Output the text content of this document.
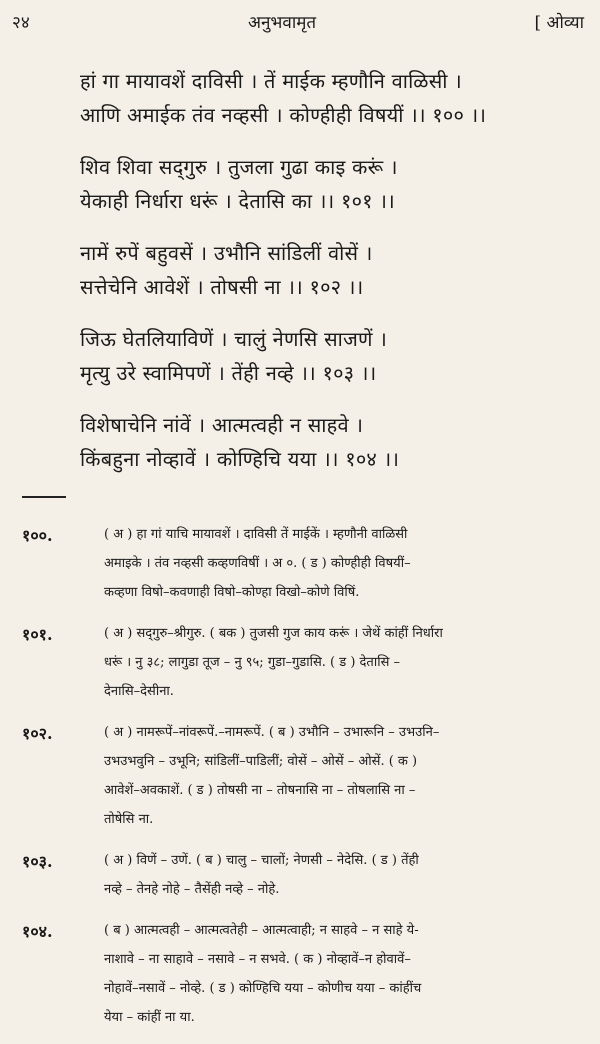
२४	अनुभवामृत	[ ओव्या
हां गा मायावशें दाविसी । तें माईक म्हणौनि वाळिसी ।
आणि अमाईक तंव नव्हसी । कोण्हीही विषयीं ।। १०० ।।
शिव शिवा सद्‌गुरु । तुजला गुढा काइ करूं ।
येकाही निर्धारा धरूं । देतासि का ।। १०१ ।।
नामें रुपें बहुवसें । उभौनि सांडिलीं वोसें ।
सत्तेचेनि आवेशें । तोषसी ना ।। १०२ ।।
जिऊ घेतलियाविणें । चालुं नेणसि साजणें ।
मृत्यु उरे स्वामिपणें । तेंही नव्हे ।। १०३ ।।
विशेषाचेनि नांवें । आत्मत्वही न साहवे ।
किंबहुना नोव्हावें । कोण्हिचि यया ।। १०४ ।।
१००.	( अ ) हा गां याचि मायावशें । दाविसी तें माईकें । म्हणौनी वाळिसी
अमाइके । तंव नव्हसी कव्हणविषीं । अ ०. ( ड ) कोण्हीही विषयीं–
कव्हणा विषो–कवणाही विषो–कोण्हा विखो–कोणे विषिं.
१०१.	( अ ) सद्‌गुरु–श्रीगुरु. ( बक ) तुजसी गुज काय करूं । जेथें कांहीं निर्धारा
धरूं । नु ३८; लागुडा तूज – नु ९५; गुडा–गुडासि. ( ड ) देतासि –
देनासि–देसीना.
१०२.	( अ ) नामरूपें–नांवरूपें.–नामरूपें. ( ब ) उभौनि – उभारूनि – उभउनि–
उभउभवुनि – उभूनि; सांडिलीं–पाडिलीं; वोसें – ओसें – ओसें. ( क )
आवेशें–अवकाशें. ( ड ) तोषसी ना – तोषनासि ना – तोषलासि ना –
तोषेसि ना.
१०३.	( अ ) विणें – उणें. ( ब ) चालु – चालों; नेणसी – नेदेसि. ( ड ) तेंही
नव्हे – तेनहे नोहे – तैसेंही नव्हे – नोहे.
१०४.	( ब ) आत्मत्वही – आत्मत्वतेही – आत्मत्वाही; न साहवे – न साहे ये-
नाशावे – ना साहावे – नसावे – न सभवे. ( क ) नोव्हावें–न होवावें–
नोहावें–नसावें – नोव्हे. ( ड ) कोण्हिचि यया – कोणीच यया – कांहींच
येया – कांहीं ना या.
